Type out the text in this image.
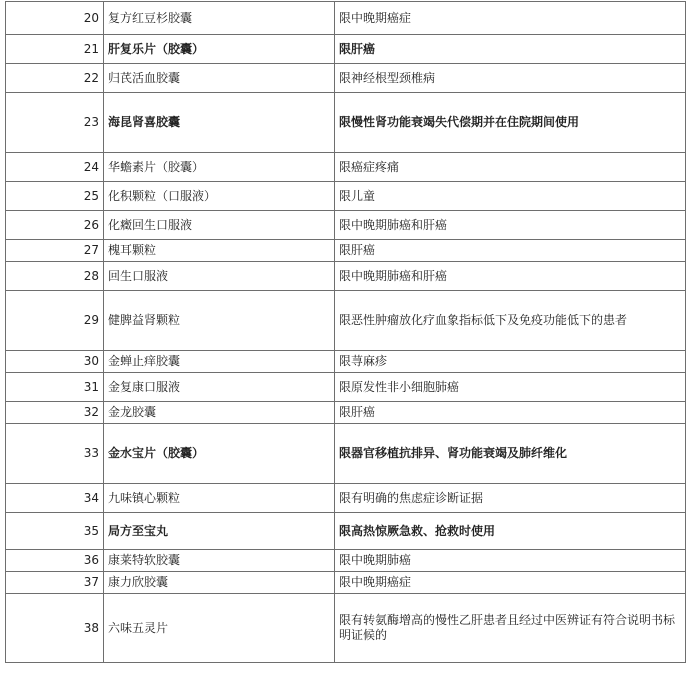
20	复方红豆杉胶囊	限中晚期癌症
21	肝复乐片（胶囊）	限肝癌
22	归芪活血胶囊	限神经根型颈椎病
23	海昆肾喜胶囊	限慢性肾功能衰竭失代偿期并在住院期间使用
24	华蟾素片（胶囊）	限癌症疼痛
25	化积颗粒（口服液）	限儿童
26	化癥回生口服液	限中晚期肺癌和肝癌
27	槐耳颗粒	限肝癌
28	回生口服液	限中晚期肺癌和肝癌
29	健脾益肾颗粒	限恶性肿瘤放化疗血象指标低下及免疫功能低下的患者
30	金蝉止痒胶囊	限荨麻疹
31	金复康口服液	限原发性非小细胞肺癌
32	金龙胶囊	限肝癌
33	金水宝片（胶囊）	限器官移植抗排异、肾功能衰竭及肺纤维化
34	九味镇心颗粒	限有明确的焦虑症诊断证据
35	局方至宝丸	限高热惊厥急救、抢救时使用
36	康莱特软胶囊	限中晚期肺癌
37	康力欣胶囊	限中晚期癌症
38	六味五灵片	限有转氨酶增高的慢性乙肝患者且经过中医辨证有符合说明书标明证候的
